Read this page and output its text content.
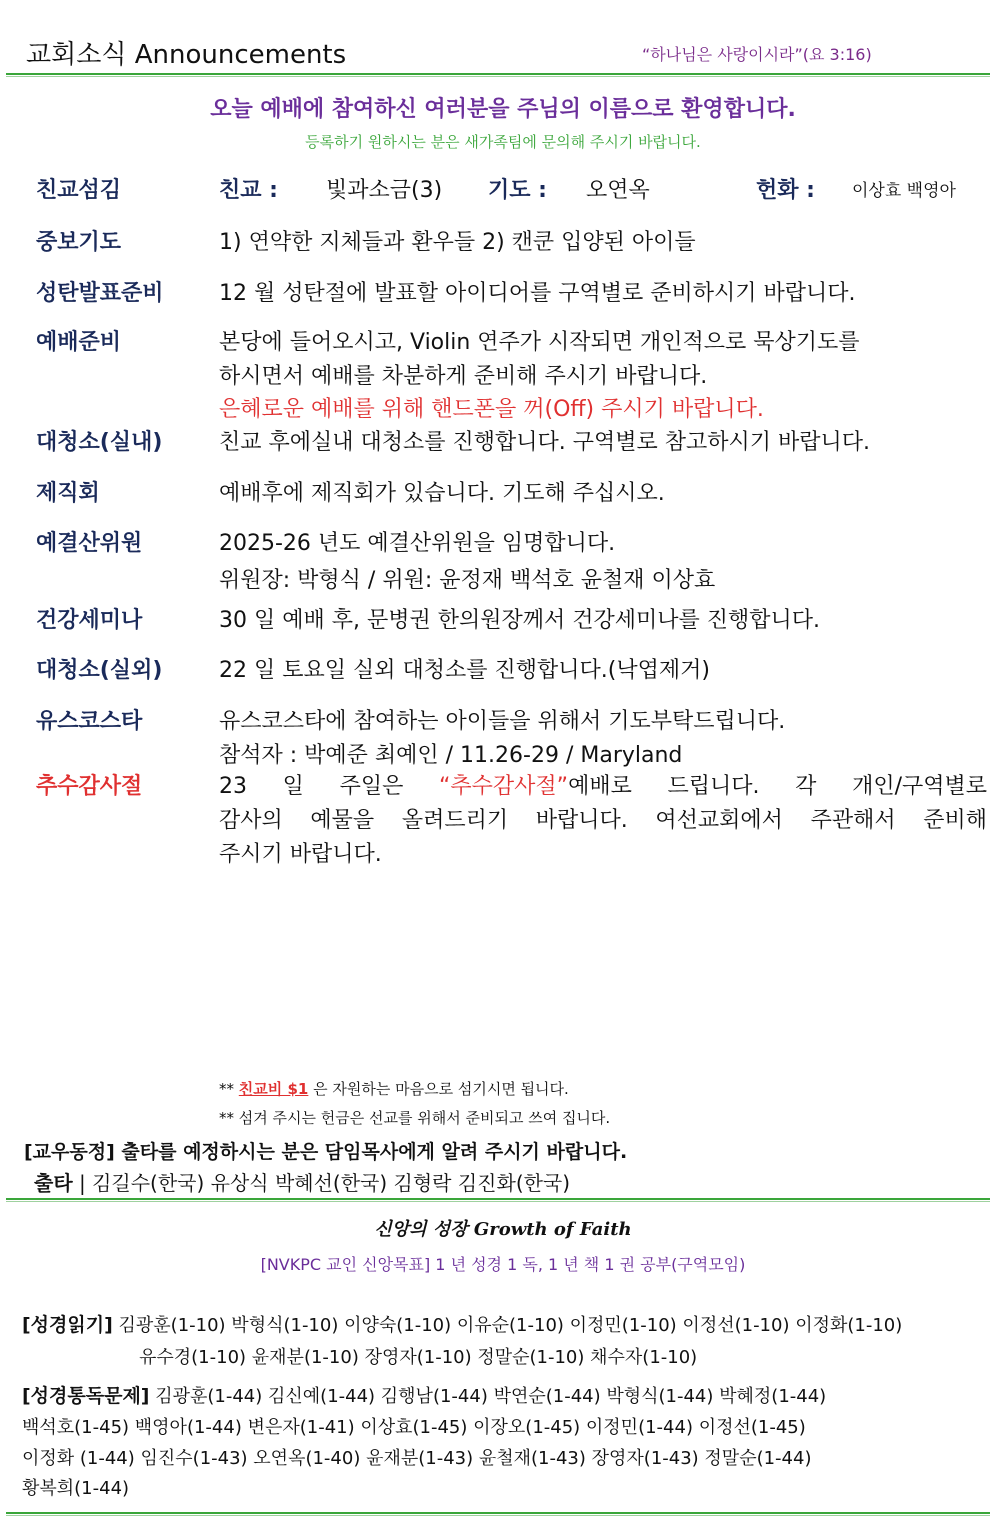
교회소식 Announcements	“하나님은 사랑이시라”(요 3:16)
오늘 예배에 참여하신 여러분을 주님의 이름으로 환영합니다.
등록하기 원하시는 분은 새가족팀에 문의해 주시기 바랍니다.
친교섬김	친교 : 빛과소금(3) 기도 : 오연옥	헌화 : 이상효 백영아
중보기도	1) 연약한 지체들과 환우들 2) 캔쿤 입양된 아이들
성탄발표준비	12 월 성탄절에 발표할 아이디어를 구역별로 준비하시기 바랍니다.
예배준비	본당에 들어오시고, Violin 연주가 시작되면 개인적으로 묵상기도를
하시면서 예배를 차분하게 준비해 주시기 바랍니다.
은혜로운 예배를 위해 핸드폰을 꺼(Off) 주시기 바랍니다.
대청소(실내)	친교 후에실내 대청소를 진행합니다. 구역별로 참고하시기 바랍니다.
제직회	예배후에 제직회가 있습니다. 기도해 주십시오.
예결산위원	2025-26 년도 예결산위원을 임명합니다.
위원장: 박형식 / 위원: 윤정재 백석호 윤철재 이상효
건강세미나	30 일 예배 후, 문병권 한의원장께서 건강세미나를 진행합니다.
대청소(실외)	22 일 토요일 실외 대청소를 진행합니다.(낙엽제거)
유스코스타	유스코스타에 참여하는 아이들을 위해서 기도부탁드립니다.
참석자 : 박예준 최예인 / 11.26-29 / Maryland
추수감사절	23 일 주일은 “추수감사절”예배로 드립니다. 각 개인/구역별로
감사의 예물을 올려드리기 바랍니다. 여선교회에서 주관해서 준비해
주시기 바랍니다.
** 친교비 $1 은 자원하는 마음으로 섬기시면 됩니다.
** 섬겨 주시는 헌금은 선교를 위해서 준비되고 쓰여 집니다.
[교우동정] 출타를 예정하시는 분은 담임목사에게 알려 주시기 바랍니다.
출타 | 김길수(한국) 유상식 박혜선(한국) 김형락 김진화(한국)
신앙의 성장 Growth of Faith
[NVKPC 교인 신앙목표] 1 년 성경 1 독, 1 년 책 1 권 공부(구역모임)
[성경읽기] 김광훈(1-10) 박형식(1-10) 이양숙(1-10) 이유순(1-10) 이정민(1-10) 이정선(1-10) 이정화(1-10)
유수경(1-10) 윤재분(1-10) 장영자(1-10) 정말순(1-10) 채수자(1-10)
[성경통독문제] 김광훈(1-44) 김신예(1-44) 김행남(1-44) 박연순(1-44) 박형식(1-44) 박혜정(1-44)
백석호(1-45) 백영아(1-44) 변은자(1-41) 이상효(1-45) 이장오(1-45) 이정민(1-44) 이정선(1-45)
이정화 (1-44) 임진수(1-43) 오연옥(1-40) 윤재분(1-43) 윤철재(1-43) 장영자(1-43) 정말순(1-44)
황복희(1-44)
